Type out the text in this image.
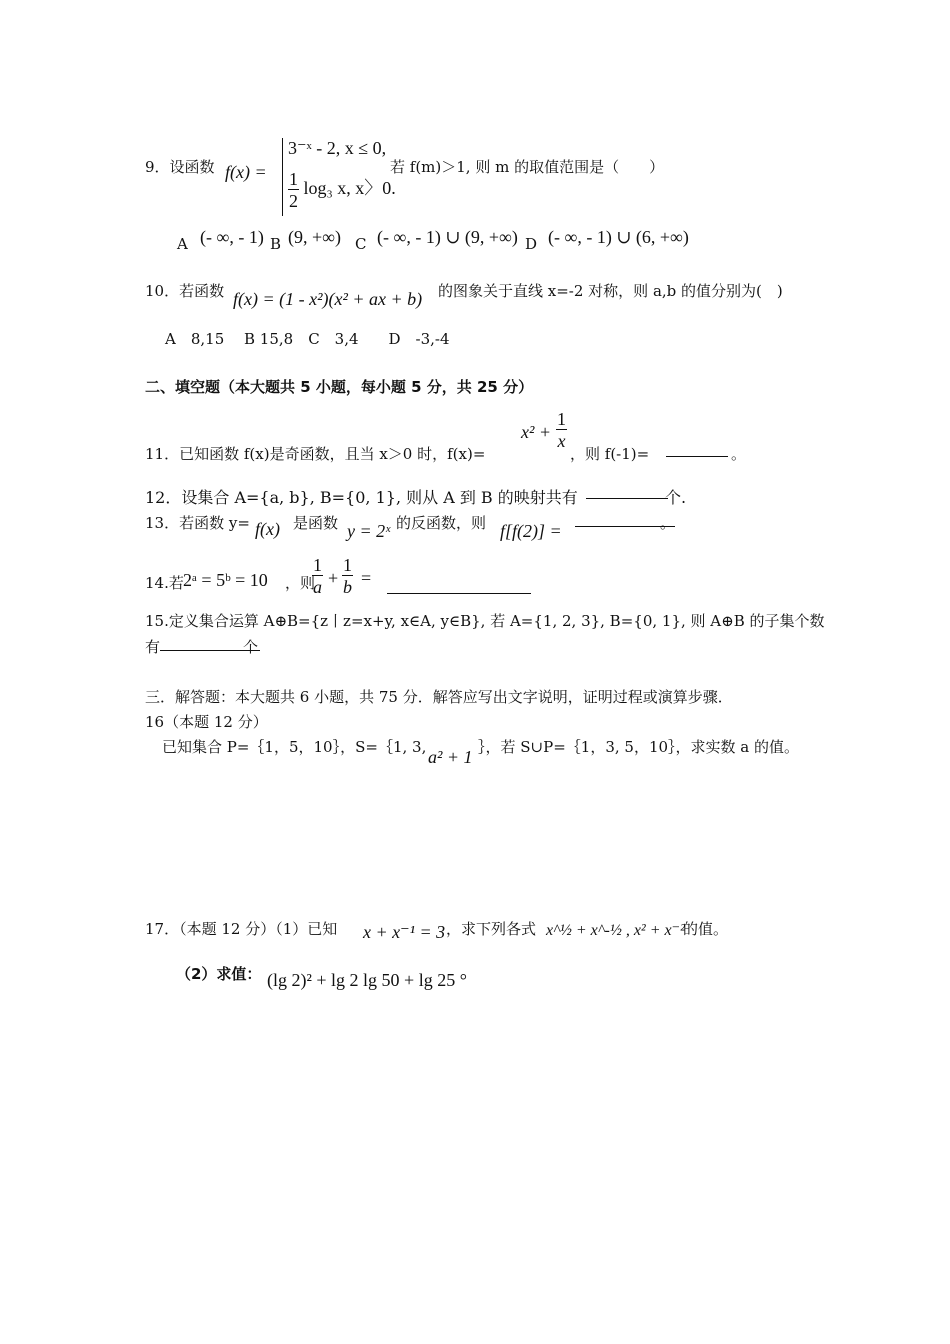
9．设函数 f(x) =
3⁻ˣ - 2, x ≤ 0,
$\frac{1}{2} \log_3$ x, x〉0.
若 f(m)＞1, 则 m 的取值范围是（　　）
A (- ∞, - 1) B (9, +∞) C (- ∞, - 1) ∪ (9, +∞) D (- ∞, - 1) ∪ (6, +∞)
10．若函数 f(x) = (1 - x²)(x² + ax + b) 的图象关于直线 x=-2 对称，则 a,b 的值分别为(　)
A　8,15　 B 15,8　C　3,4　　D　-3,-4
二、填空题（本大题共 5 小题，每小题 5 分，共 25 分）
11．已知函数 f(x)是奇函数，且当 x＞0 时，f(x)=
$x^2 + \frac{1}{x}$
，则 f(-1)=	。
12．设集合 A={a, b}, B={0, 1}, 则从 A 到 B 的映射共有	个.
13．若函数 y= f(x) 是函数 y = 2ˣ 的反函数，则 f[f(2)] =	。
14.若 2ᵃ = 5ᵇ = 10 ，则
$\frac{1}{a} + \frac{1}{b}$ =
15.定义集合运算 A⊕B={z丨z=x+y, x∈A, y∈B}, 若 A={1, 2, 3}, B={0, 1}, 则 A⊕B 的子集个数
有	个
三．解答题：本大题共 6 小题，共 75 分．解答应写出文字说明，证明过程或演算步骤．
16（本题 12 分）
已知集合 P=｛1，5，10｝，S=｛1, 3, a² + 1 ｝，若 S∪P=｛1，3, 5，10｝，求实数 a 的值。
17．（本题 12 分）（1）已知 x + x⁻¹ = 3 ，求下列各式 x^½ + x^-½ , x² + x⁻²
的值。
（2）求值： (lg 2)² + lg 2 lg 50 + lg 25 °
